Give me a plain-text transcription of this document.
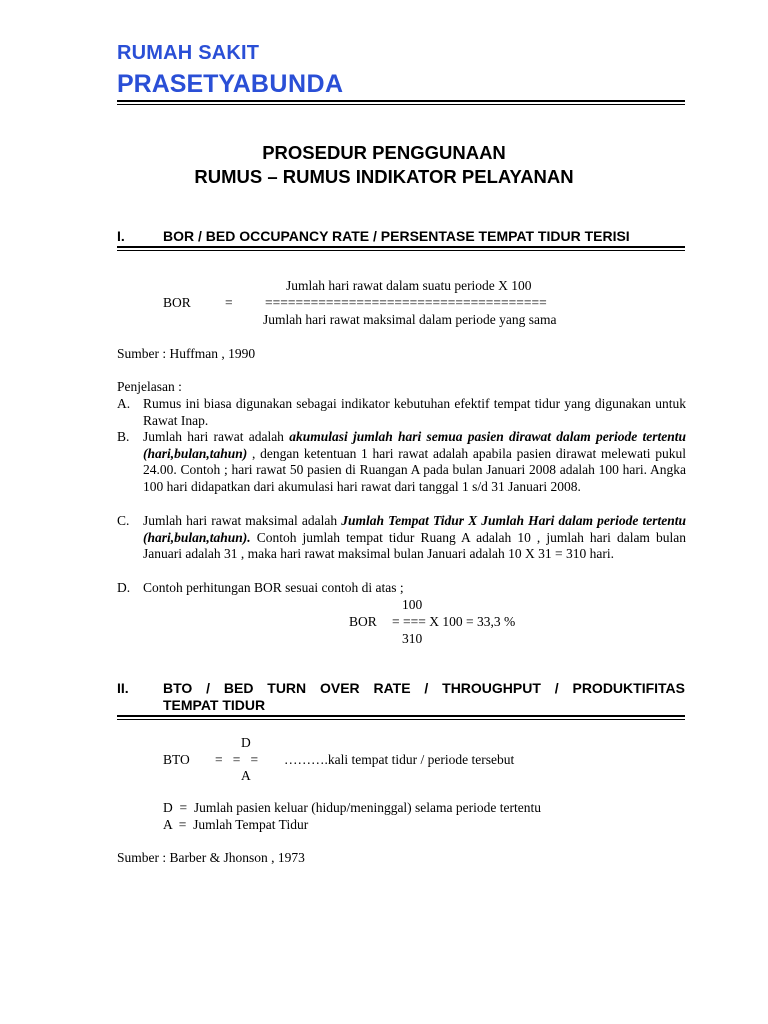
RUMAH SAKIT
PRASETYABUNDA
PROSEDUR PENGGUNAAN
RUMUS – RUMUS INDIKATOR PELAYANAN
I.	BOR / BED OCCUPANCY RATE / PERSENTASE TEMPAT TIDUR TERISI
Jumlah hari rawat dalam suatu periode X 100
BOR	= =====================================
Jumlah hari rawat maksimal dalam periode yang sama
Sumber : Huffman , 1990
Penjelasan :
A. Rumus ini biasa digunakan sebagai indikator kebutuhan efektif tempat tidur yang digunakan untuk Rawat Inap.
B. Jumlah hari rawat adalah akumulasi jumlah hari semua pasien dirawat dalam periode tertentu (hari,bulan,tahun) , dengan ketentuan 1 hari rawat adalah apabila pasien dirawat melewati pukul 24.00. Contoh ; hari rawat 50 pasien di Ruangan A pada bulan Januari 2008 adalah 100 hari. Angka 100 hari didapatkan dari akumulasi hari rawat dari tanggal 1 s/d 31 Januari 2008.
C. Jumlah hari rawat maksimal adalah Jumlah Tempat Tidur X Jumlah Hari dalam periode tertentu (hari,bulan,tahun). Contoh jumlah tempat tidur Ruang A adalah 10 , jumlah hari dalam bulan Januari adalah 31 , maka hari rawat maksimal bulan Januari adalah 10 X 31 = 310 hari.
D. Contoh perhitungan BOR sesuai contoh di atas ;
100
BOR = === X 100 = 33,3 %
310
II. BTO / BED TURN OVER RATE / THROUGHPUT / PRODUKTIFITAS
TEMPAT TIDUR
D
BTO =   =   = ……….kali tempat tidur / periode tersebut
A
D  =  Jumlah pasien keluar (hidup/meninggal) selama periode tertentu
A  =  Jumlah Tempat Tidur
Sumber : Barber & Jhonson , 1973
